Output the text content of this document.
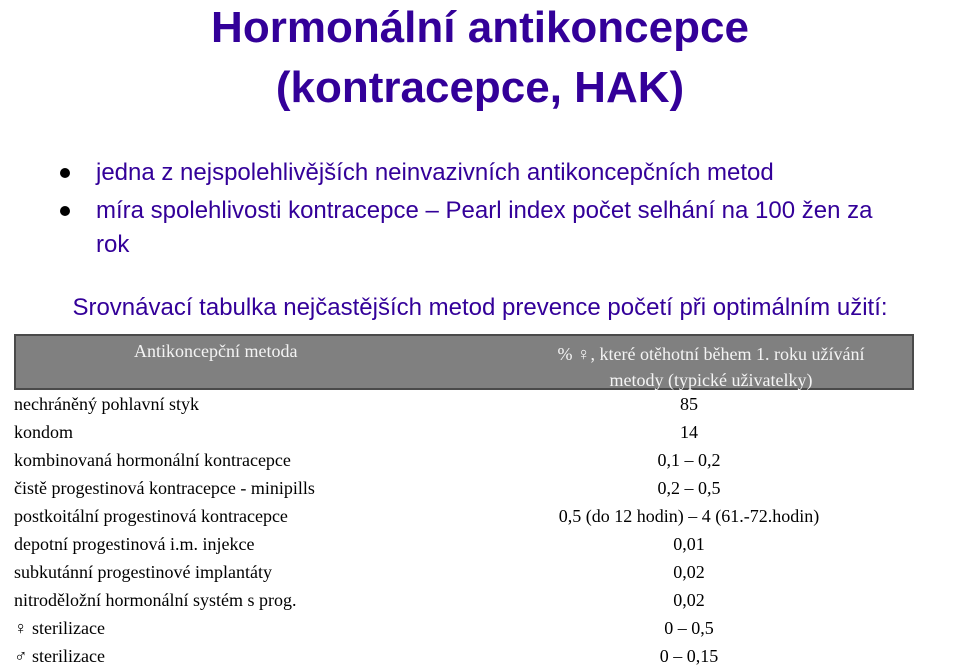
Hormonální antikoncepce
(kontracepce, HAK)
jedna z nejspolehlivějších neinvazivních antikoncepčních metod
míra spolehlivosti kontracepce – Pearl index počet selhání na 100 žen za rok

Srovnávací tabulka nejčastějších metod prevence početí při optimálním užití:

Antikoncepční metoda	% ♀, které otěhotní během 1. roku užívání
metody (typické uživatelky)
nechráněný pohlavní styk	85
kondom	14
kombinovaná hormonální kontracepce	0,1 – 0,2
čistě progestinová kontracepce - minipills	0,2 – 0,5
postkoitální progestinová kontracepce	0,5 (do 12 hodin) – 4 (61.-72.hodin)
depotní progestinová i.m. injekce	0,01
subkutánní progestinové implantáty	0,02
nitroděložní hormonální systém s prog.	0,02
♀ sterilizace	0 – 0,5
♂ sterilizace	0 – 0,15
